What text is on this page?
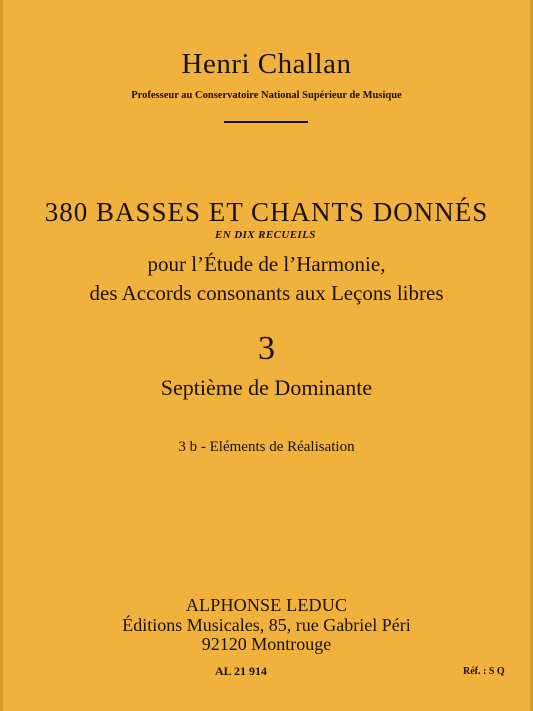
Henri Challan
Professeur au Conservatoire National Supérieur de Musique
380 BASSES ET CHANTS DONNÉS
EN DIX RECUEILS
pour l’Étude de l’Harmonie,
des Accords consonants aux Leçons libres
3
Septième de Dominante
3 b - Eléments de Réalisation
ALPHONSE LEDUC
Éditions Musicales, 85, rue Gabriel Péri
92120 Montrouge
AL 21 914	Réf. : S Q
